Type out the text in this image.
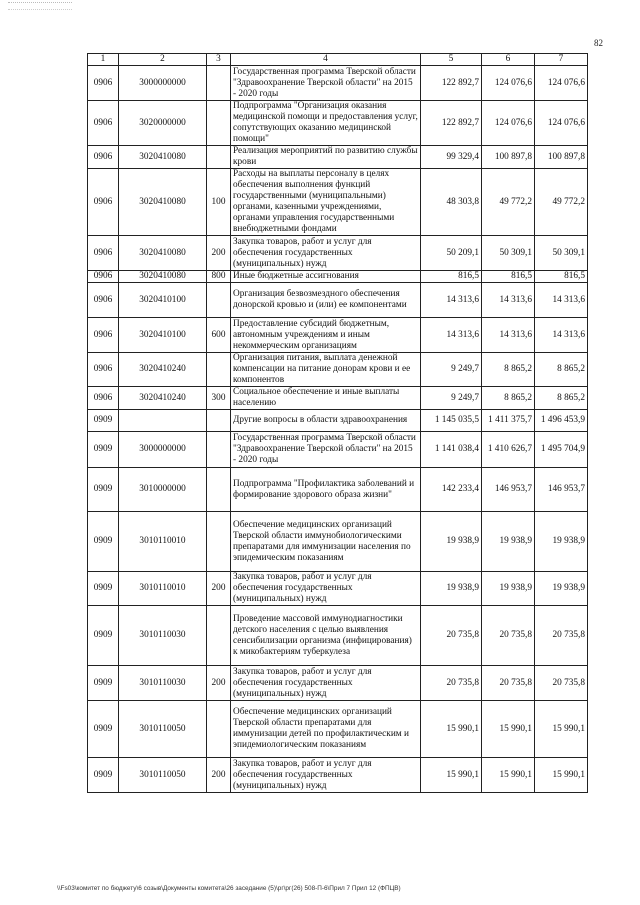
82
1	2	3	4	5	6	7
0906	3000000000		Государственная программа Тверской области "Здравоохранение Тверской области" на 2015 - 2020 годы	122 892,7	124 076,6	124 076,6
0906	3020000000		Подпрограмма "Организация оказания медицинской помощи и предоставления услуг, сопутствующих оказанию медицинской помощи"	122 892,7	124 076,6	124 076,6
0906	3020410080		Реализация мероприятий по развитию службы крови	99 329,4	100 897,8	100 897,8
0906	3020410080	100	Расходы на выплаты персоналу в целях обеспечения выполнения функций государственными (муниципальными) органами, казенными учреждениями, органами управления государственными внебюджетными фондами	48 303,8	49 772,2	49 772,2
0906	3020410080	200	Закупка товаров, работ и услуг для обеспечения государственных (муниципальных) нужд	50 209,1	50 309,1	50 309,1
0906	3020410080	800	Иные бюджетные ассигнования	816,5	816,5	816,5
0906	3020410100		Организация безвозмездного обеспечения донорской кровью и (или) ее компонентами	14 313,6	14 313,6	14 313,6
0906	3020410100	600	Предоставление субсидий бюджетным, автономным учреждениям и иным некоммерческим организациям	14 313,6	14 313,6	14 313,6
0906	3020410240		Организация питания, выплата денежной компенсации на питание донорам крови и ее компонентов	9 249,7	8 865,2	8 865,2
0906	3020410240	300	Социальное обеспечение и иные выплаты населению	9 249,7	8 865,2	8 865,2
0909			Другие вопросы в области здравоохранения	1 145 035,5	1 411 375,7	1 496 453,9
0909	3000000000		Государственная программа Тверской области "Здравоохранение Тверской области" на 2015 - 2020 годы	1 141 038,4	1 410 626,7	1 495 704,9
0909	3010000000		Подпрограмма "Профилактика заболеваний и формирование здорового образа жизни"	142 233,4	146 953,7	146 953,7
0909	3010110010		Обеспечение медицинских организаций Тверской области иммунобиологическими препаратами для иммунизации населения по эпидемическим показаниям	19 938,9	19 938,9	19 938,9
0909	3010110010	200	Закупка товаров, работ и услуг для обеспечения государственных (муниципальных) нужд	19 938,9	19 938,9	19 938,9
0909	3010110030		Проведение массовой иммунодиагностики детского населения с целью выявления сенсибилизации организма (инфицирования) к микобактериям туберкулеза	20 735,8	20 735,8	20 735,8
0909	3010110030	200	Закупка товаров, работ и услуг для обеспечения государственных (муниципальных) нужд	20 735,8	20 735,8	20 735,8
0909	3010110050		Обеспечение медицинских организаций Тверской области препаратами для иммунизации детей по профилактическим и эпидемиологическим показаниям	15 990,1	15 990,1	15 990,1
0909	3010110050	200	Закупка товаров, работ и услуг для обеспечения государственных (муниципальных) нужд	15 990,1	15 990,1	15 990,1
\\Fs03\комитет по бюджету\6 созыв\Документы комитета\26 заседание (5)\рг\рг(26) 508-П-6\Прил 7 Прил 12 (ФПЦВ)
